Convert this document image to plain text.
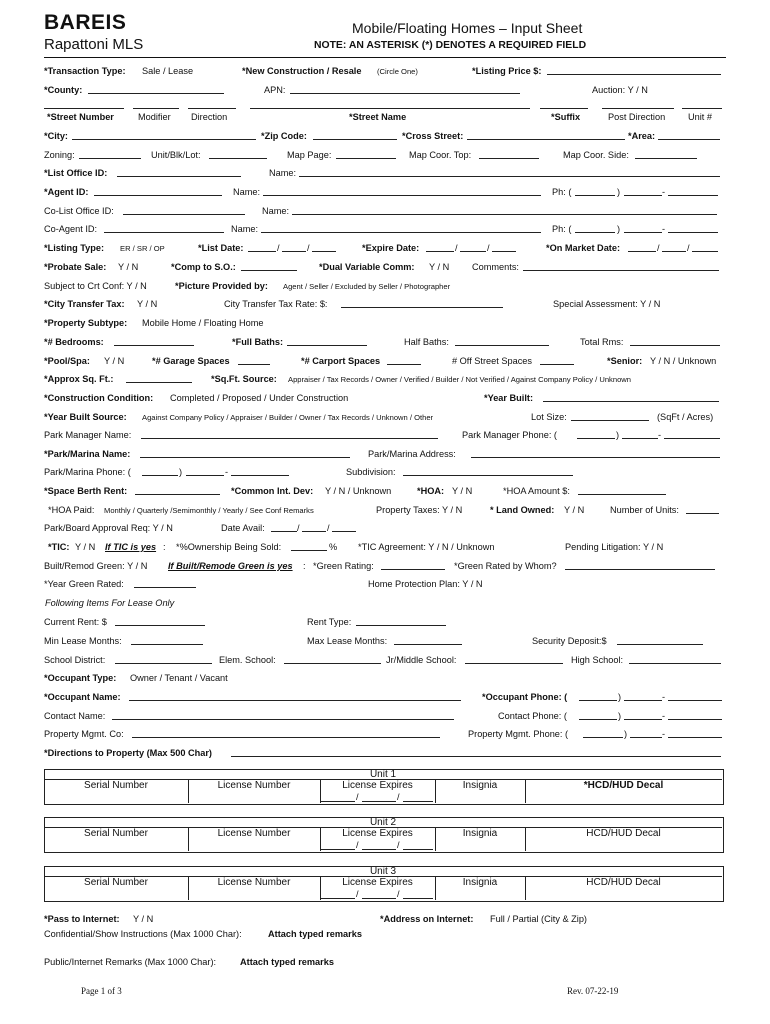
BAREIS
Rapattoni MLS
Mobile/Floating Homes – Input Sheet
NOTE: AN ASTERISK (*) DENOTES A REQUIRED FIELD
*Transaction Type: Sale / Lease	*New Construction / Resale (Circle One)	*Listing Price $:
*County:	APN:	Auction: Y / N
*Street Number	Modifier Direction	*Street Name	*Suffix	Post Direction Unit #
*City:	*Zip Code:	*Cross Street:	*Area:
Zoning:	Unit/Blk/Lot:	Map Page:	Map Coor. Top:	Map Coor. Side:
*List Office ID:	Name:
*Agent ID:	Name:	Ph: (	)	-
Co-List Office ID:	Name:
Co-Agent ID:	Name:	Ph: (	)	-
*Listing Type: ER / SR / OP	*List Date:	/	/	*Expire Date:	/	/	*On Market Date:	/	/
*Probate Sale: Y / N	*Comp to S.O.:	*Dual Variable Comm: Y / N Comments:
Subject to Crt Conf: Y / N	*Picture Provided by: Agent / Seller / Excluded by Seller / Photographer
*City Transfer Tax: Y / N	City Transfer Tax Rate: $:	Special Assessment: Y / N
*Property Subtype: Mobile Home / Floating Home
*# Bedrooms:	*Full Baths:	Half Baths:	Total Rms:
*Pool/Spa: Y / N	*# Garage Spaces	*# Carport Spaces	# Off Street Spaces	*Senior: Y / N / Unknown
*Approx Sq. Ft.:	*Sq.Ft. Source: Appraiser / Tax Records / Owner / Verified / Builder / Not Verified / Against Company Policy / Unknown
*Construction Condition: Completed / Proposed / Under Construction	*Year Built:
*Year Built Source: Against Company Policy / Appraiser / Builder / Owner / Tax Records / Unknown / Other	Lot Size:	(SqFt / Acres)
Park Manager Name:	Park Manager Phone: (	)	-
*Park/Marina Name:	Park/Marina Address:
Park/Marina Phone: (	)	-	Subdivision:
*Space Berth Rent:	*Common Int. Dev: Y / N / Unknown	*HOA: Y / N	*HOA Amount $:
*HOA Paid: Monthly / Quarterly /Semimonthly / Yearly / See Conf Remarks	Property Taxes: Y / N	* Land Owned: Y / N	Number of Units:
Park/Board Approval Req: Y / N	Date Avail:	/	/
*TIC: Y / N If TIC is yes : *%Ownership Being Sold:	% *TIC Agreement: Y / N / Unknown	Pending Litigation: Y / N
Built/Remod Green: Y / N If Built/Remode Green is yes : *Green Rating:	*Green Rated by Whom?
*Year Green Rated:	Home Protection Plan: Y / N
Following Items For Lease Only
Current Rent: $	Rent Type:
Min Lease Months:	Max Lease Months:	Security Deposit:$
School District:	Elem. School:	Jr/Middle School:	High School:
*Occupant Type: Owner / Tenant / Vacant
*Occupant Name:	*Occupant Phone: (	)	-
Contact Name:	Contact Phone: (	)	-
Property Mgmt. Co:	Property Mgmt. Phone: (	)	-
*Directions to Property (Max 500 Char)
Unit 1
Serial Number	License Number	License Expires	Insignia	*HCD/HUD Decal
/	/
Unit 2
Serial Number	License Number	License Expires	Insignia	HCD/HUD Decal
/	/
Unit 3
Serial Number	License Number	License Expires	Insignia	HCD/HUD Decal
/	/
*Pass to Internet: Y / N	*Address on Internet: Full / Partial (City & Zip)
Confidential/Show Instructions (Max 1000 Char):	Attach typed remarks
Public/Internet Remarks (Max 1000 Char):	Attach typed remarks
Page 1 of 3	Rev. 07-22-19
